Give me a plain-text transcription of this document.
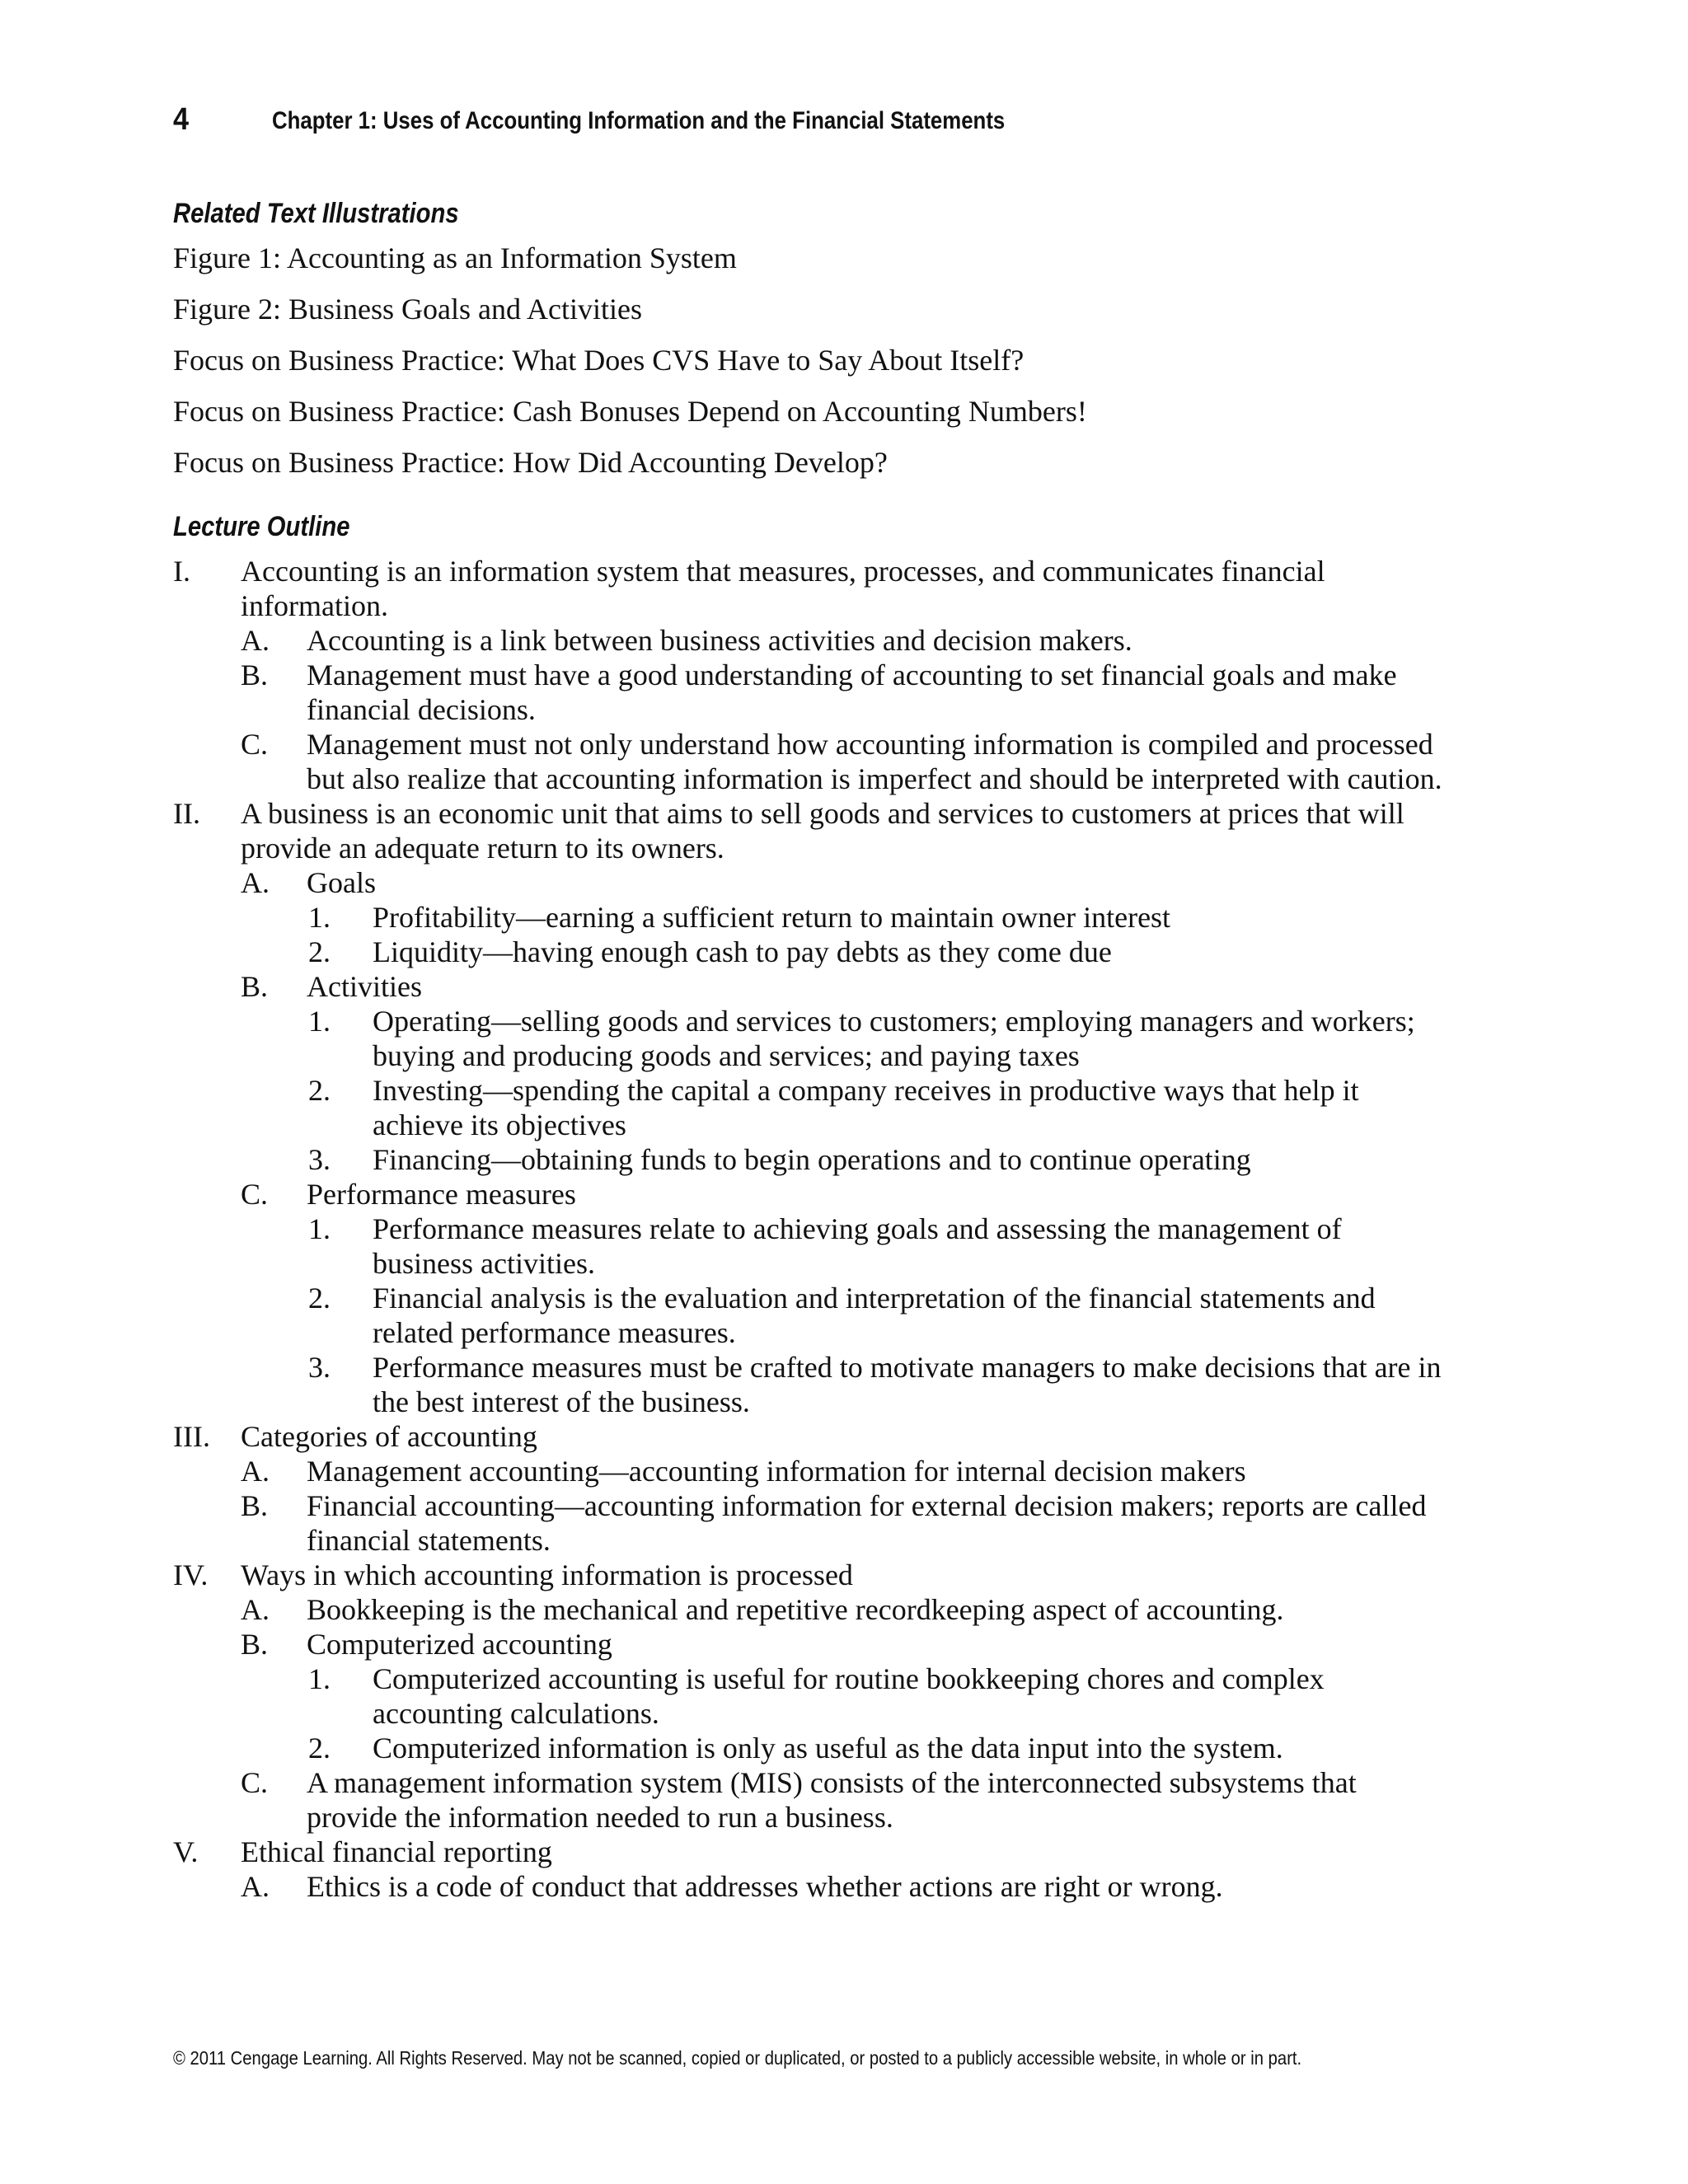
4	Chapter 1: Uses of Accounting Information and the Financial Statements
Related Text Illustrations
Figure 1: Accounting as an Information System
Figure 2: Business Goals and Activities
Focus on Business Practice: What Does CVS Have to Say About Itself?
Focus on Business Practice: Cash Bonuses Depend on Accounting Numbers!
Focus on Business Practice: How Did Accounting Develop?
Lecture Outline
I. Accounting is an information system that measures, processes, and communicates financial information.
A. Accounting is a link between business activities and decision makers.
B. Management must have a good understanding of accounting to set financial goals and make financial decisions.
C. Management must not only understand how accounting information is compiled and processed but also realize that accounting information is imperfect and should be interpreted with caution.
II. A business is an economic unit that aims to sell goods and services to customers at prices that will provide an adequate return to its owners.
A. Goals
1. Profitability—earning a sufficient return to maintain owner interest
2. Liquidity—having enough cash to pay debts as they come due
B. Activities
1. Operating—selling goods and services to customers; employing managers and workers; buying and producing goods and services; and paying taxes
2. Investing—spending the capital a company receives in productive ways that help it achieve its objectives
3. Financing—obtaining funds to begin operations and to continue operating
C. Performance measures
1. Performance measures relate to achieving goals and assessing the management of business activities.
2. Financial analysis is the evaluation and interpretation of the financial statements and related performance measures.
3. Performance measures must be crafted to motivate managers to make decisions that are in the best interest of the business.
III. Categories of accounting
A. Management accounting—accounting information for internal decision makers
B. Financial accounting—accounting information for external decision makers; reports are called financial statements.
IV. Ways in which accounting information is processed
A. Bookkeeping is the mechanical and repetitive recordkeeping aspect of accounting.
B. Computerized accounting
1. Computerized accounting is useful for routine bookkeeping chores and complex accounting calculations.
2. Computerized information is only as useful as the data input into the system.
C. A management information system (MIS) consists of the interconnected subsystems that provide the information needed to run a business.
V. Ethical financial reporting
A. Ethics is a code of conduct that addresses whether actions are right or wrong.
© 2011 Cengage Learning. All Rights Reserved. May not be scanned, copied or duplicated, or posted to a publicly accessible website, in whole or in part.
